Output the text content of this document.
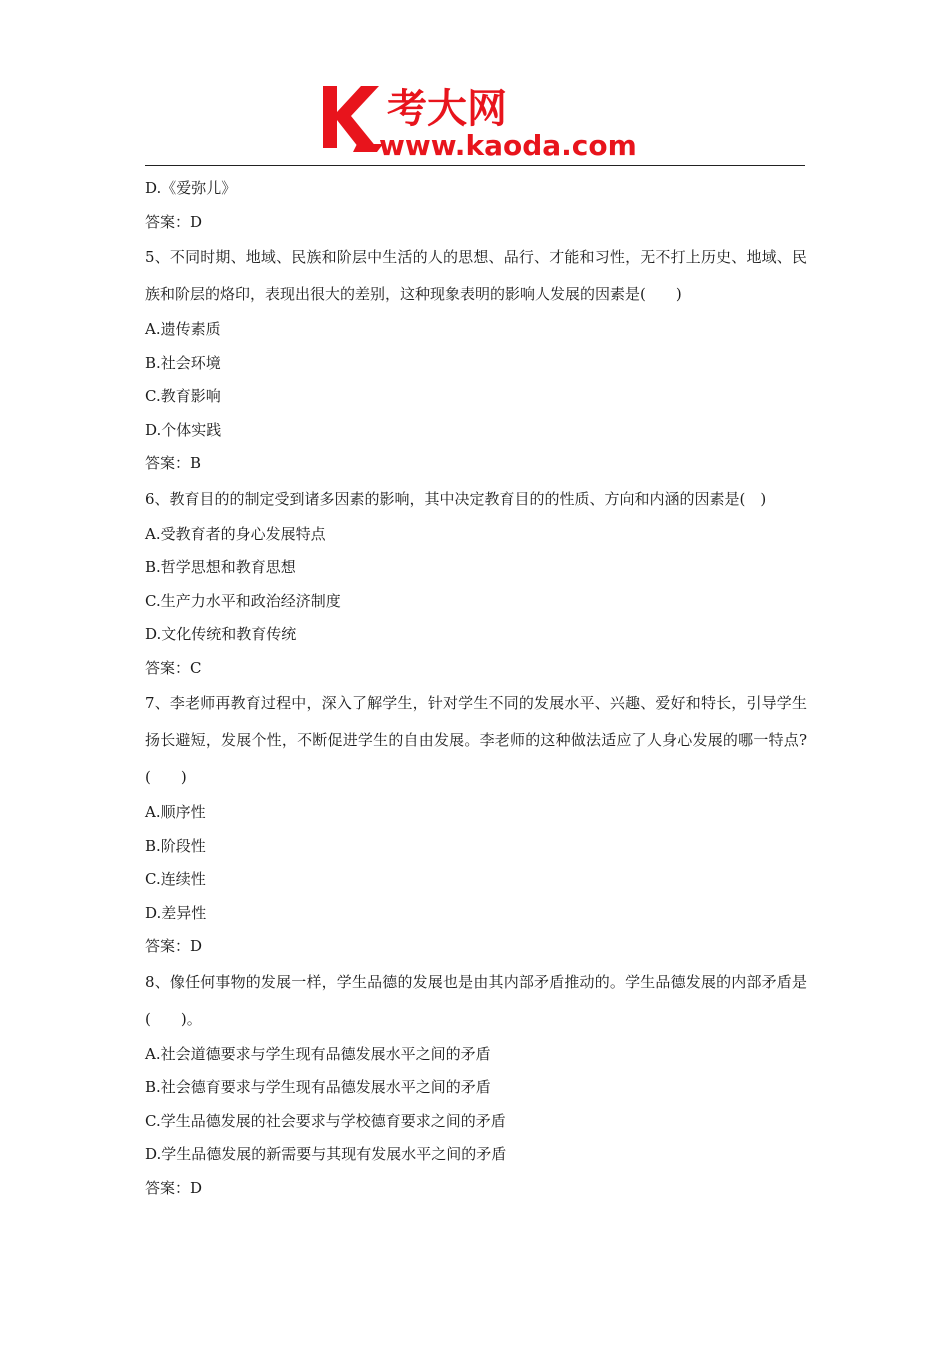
考大网
www.kaoda.com

D.《爱弥儿》

答案：D

5、不同时期、地域、民族和阶层中生活的人的思想、品行、才能和习性，无不打上历史、地域、民族和阶层的烙印，表现出很大的差别，这种现象表明的影响人发展的因素是(　　)

A.遗传素质

B.社会环境

C.教育影响

D.个体实践

答案：B

6、教育目的的制定受到诸多因素的影响，其中决定教育目的的性质、方向和内涵的因素是(　)

A.受教育者的身心发展特点

B.哲学思想和教育思想

C.生产力水平和政治经济制度

D.文化传统和教育传统

答案：C

7、李老师再教育过程中，深入了解学生，针对学生不同的发展水平、兴趣、爱好和特长，引导学生扬长避短，发展个性，不断促进学生的自由发展。李老师的这种做法适应了人身心发展的哪一特点?(　　)

A.顺序性

B.阶段性

C.连续性

D.差异性

答案：D

8、像任何事物的发展一样，学生品德的发展也是由其内部矛盾推动的。学生品德发展的内部矛盾是(　　)。

A.社会道德要求与学生现有品德发展水平之间的矛盾

B.社会德育要求与学生现有品德发展水平之间的矛盾

C.学生品德发展的社会要求与学校德育要求之间的矛盾

D.学生品德发展的新需要与其现有发展水平之间的矛盾

答案：D
